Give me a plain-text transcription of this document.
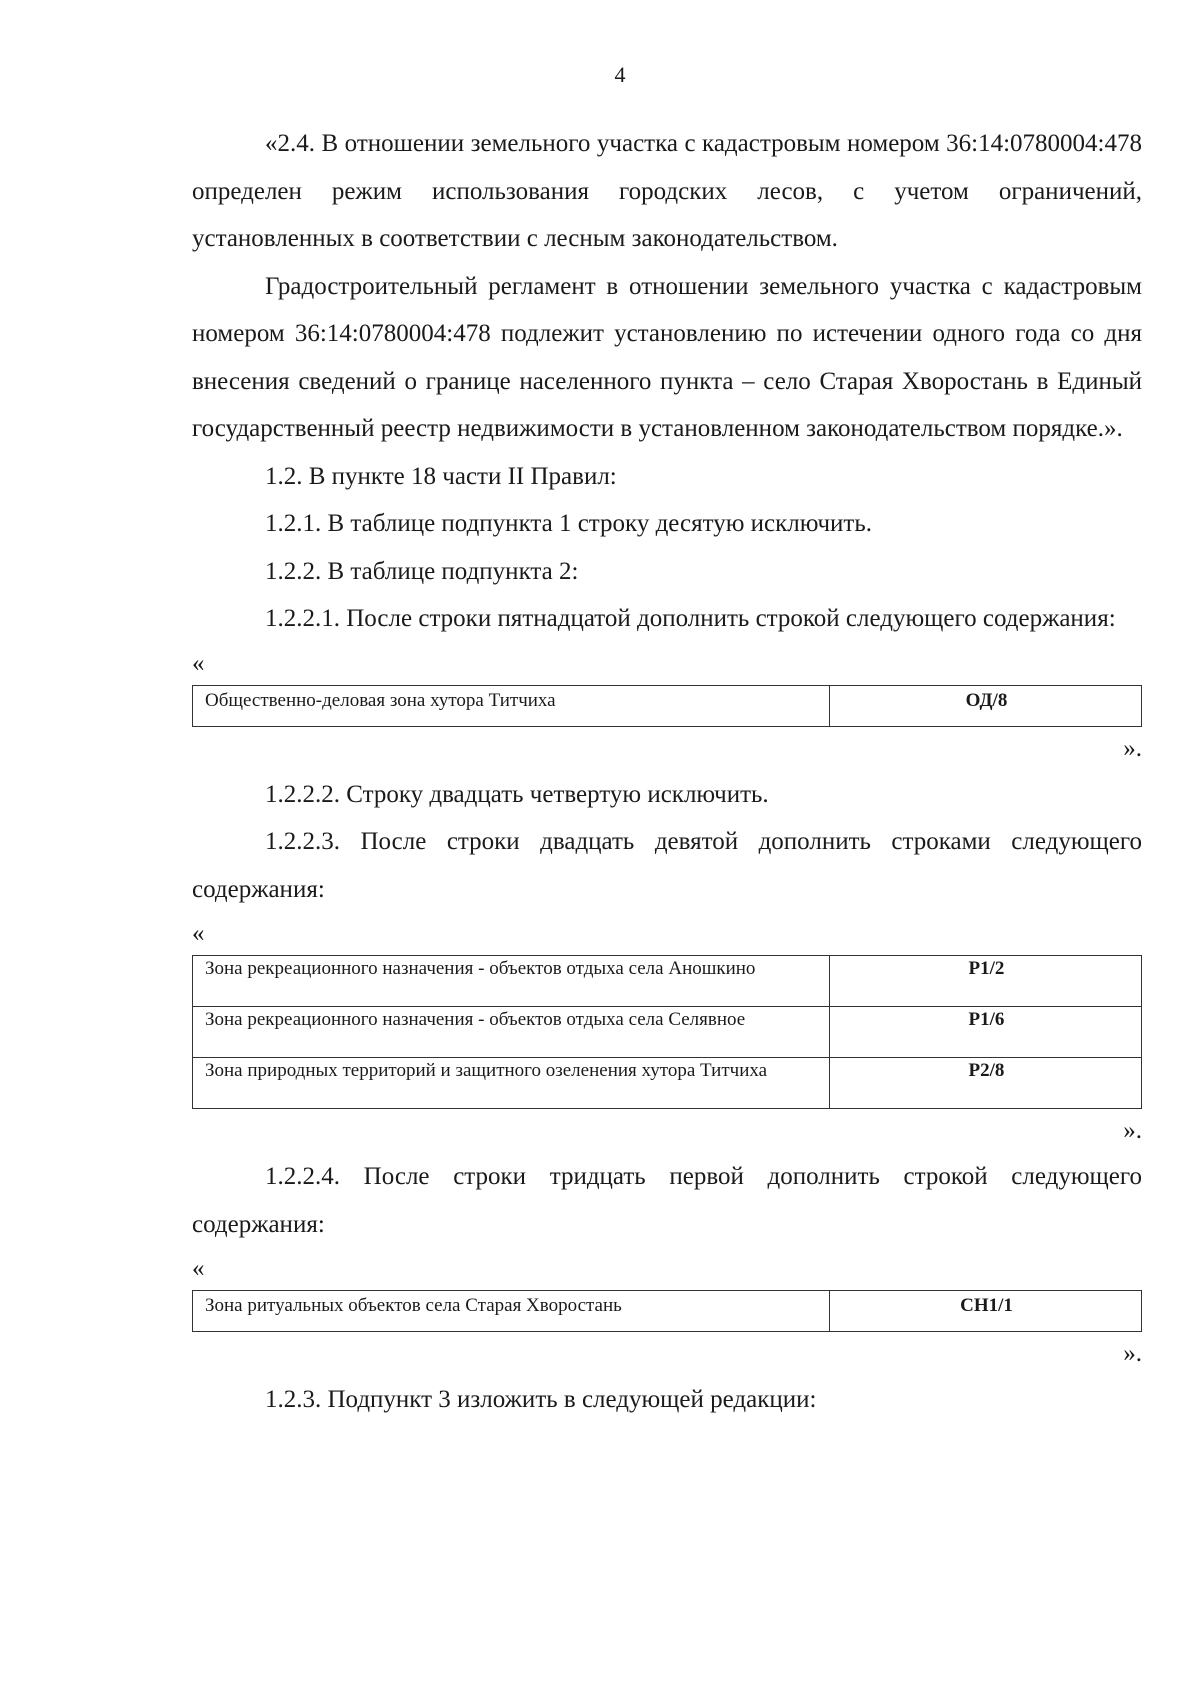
4

«2.4. В отношении земельного участка с кадастровым номером 36:14:0780004:478 определен режим использования городских лесов, с учетом ограничений, установленных в соответствии с лесным законодательством.

Градостроительный регламент в отношении земельного участка с кадастровым номером 36:14:0780004:478 подлежит установлению по истечении одного года со дня внесения сведений о границе населенного пункта – село Старая Хворостань в Единый государственный реестр недвижимости в установленном законодательством порядке.».

1.2. В пункте 18 части II Правил:

1.2.1. В таблице подпункта 1 строку десятую исключить.

1.2.2. В таблице подпункта 2:

1.2.2.1. После строки пятнадцатой дополнить строкой следующего содержания:

«

Общественно-деловая зона хутора Титчиха	ОД/8

».

1.2.2.2. Строку двадцать четвертую исключить.

1.2.2.3. После строки двадцать девятой дополнить строками следующего содержания:

«

Зона рекреационного назначения - объектов отдыха села Аношкино	Р1/2
Зона рекреационного назначения - объектов отдыха села Селявное	Р1/6
Зона природных территорий и защитного озеленения хутора Титчиха	Р2/8

».

1.2.2.4. После строки тридцать первой дополнить строкой следующего содержания:

«

Зона ритуальных объектов села Старая Хворостань	СН1/1

».

1.2.3. Подпункт 3 изложить в следующей редакции:
